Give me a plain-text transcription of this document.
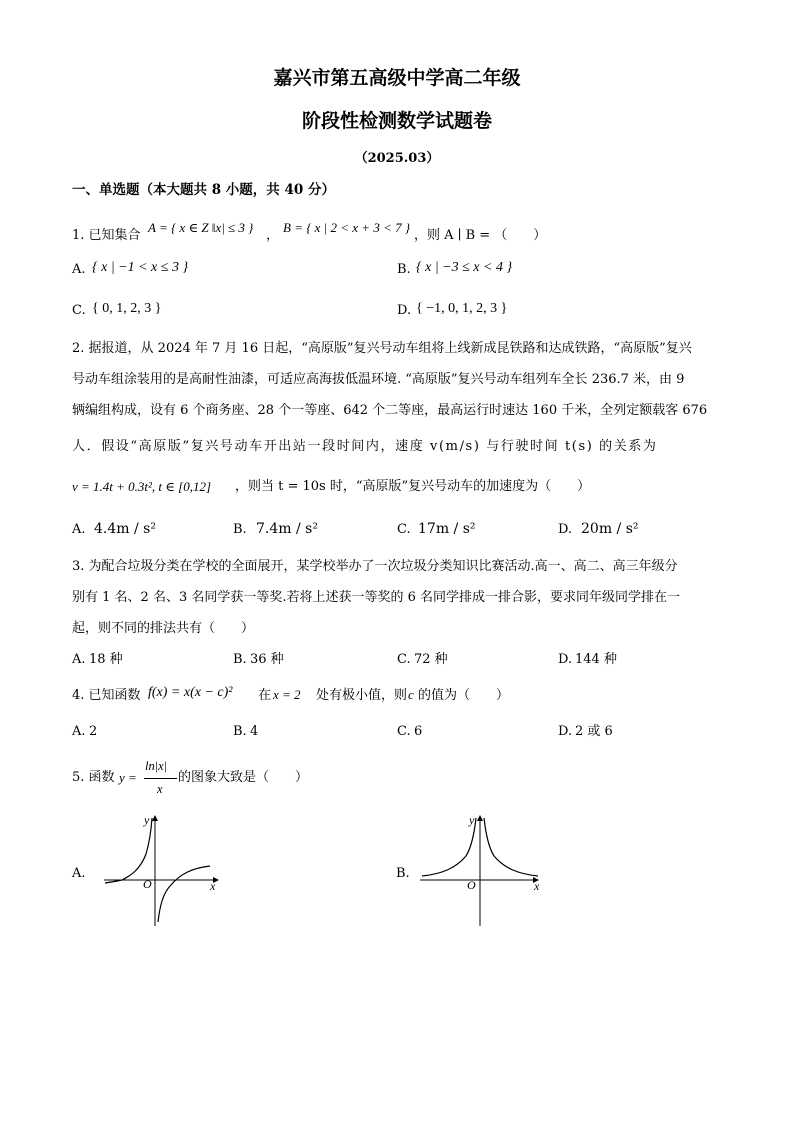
嘉兴市第五高级中学高二年级
阶段性检测数学试题卷
（2025.03）
一、单选题（本大题共 8 小题，共 40 分）
1. 已知集合
A = { x ∈ Z ‖x| ≤ 3 }
，
B = { x | 2 < x + 3 < 7 }
，则 A ∣ B = （　　）
A. { x | −1 < x ≤ 3 }	B. { x | −3 ≤ x < 4 }
C. { 0, 1, 2, 3 }	D. { −1, 0, 1, 2, 3 }
2. 据报道，从 2024 年 7 月 16 日起，“高原版”复兴号动车组将上线新成昆铁路和达成铁路，“高原版”复兴
号动车组涂装用的是高耐性油漆，可适应高海拔低温环境. “高原版”复兴号动车组列车全长 236.7 米，由 9
辆编组构成，设有 6 个商务座、28 个一等座、642 个二等座，最高运行时速达 160 千米，全列定额载客 676
人．假设“高原版”复兴号动车开出站一段时间内，速度 v(m/s) 与行驶时间 t(s) 的关系为
v = 1.4t + 0.3t², t ∈ [0,12] ，则当 t = 10s 时，“高原版”复兴号动车的加速度为（　　）
A. 4.4m / s²	B. 7.4m / s²	C. 17m / s²	D. 20m / s²
3. 为配合垃圾分类在学校的全面展开，某学校举办了一次垃圾分类知识比赛活动.高一、高二、高三年级分
别有 1 名、2 名、3 名同学获一等奖.若将上述获一等奖的 6 名同学排成一排合影，要求同年级同学排在一
起，则不同的排法共有（　　）
A. 18 种	B. 36 种	C. 72 种	D. 144 种
4. 已知函数 f(x) = x(x − c)² 在 x = 2 处有极小值，则 c 的值为（　　）
A. 2	B. 4	C. 6	D. 2 或 6
5. 函数 y =
ln|x|
x
的图象大致是（　　）
A.
O	x
y
B.
O	x
y
